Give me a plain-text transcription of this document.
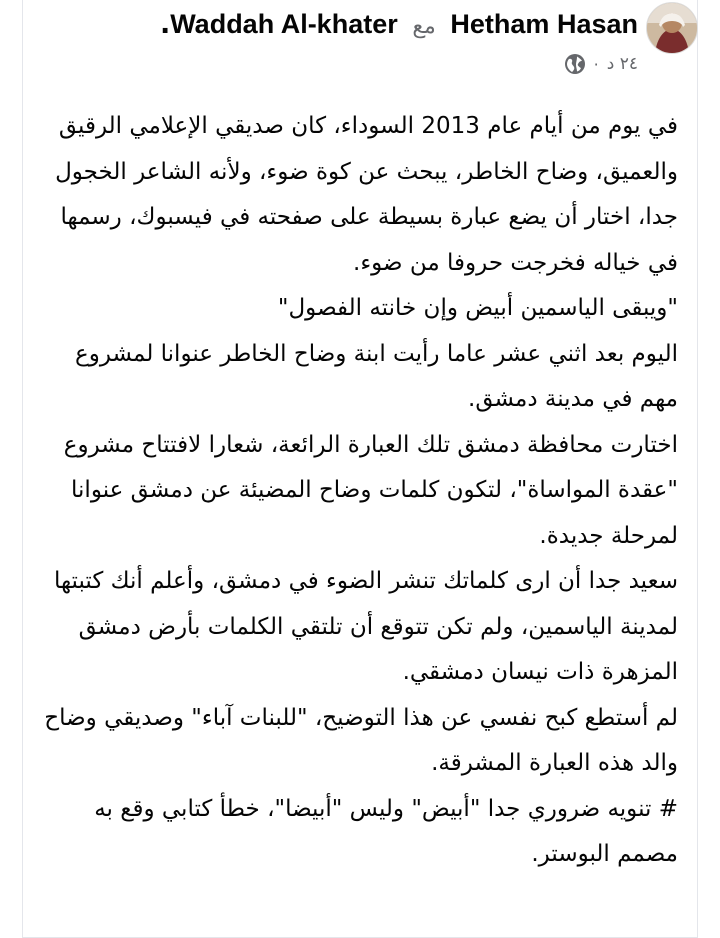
Hetham Hasan مع Waddah Al-khater.
٢٤ د
·
في يوم من أيام عام 2013 السوداء، كان صديقي الإعلامي الرقيق والعميق، وضاح الخاطر، يبحث عن كوة ضوء، ولأنه الشاعر الخجول جدا، اختار أن يضع عبارة بسيطة على صفحته في فيسبوك، رسمها في خياله فخرجت حروفا من ضوء.
"ويبقى الياسمين أبيض وإن خانته الفصول"
اليوم بعد اثني عشر عاما رأيت ابنة وضاح الخاطر عنوانا لمشروع مهم في مدينة دمشق.
اختارت محافظة دمشق تلك العبارة الرائعة، شعارا لافتتاح مشروع "عقدة المواساة"، لتكون كلمات وضاح المضيئة عن دمشق عنوانا لمرحلة جديدة.
سعيد جدا أن ارى كلماتك تنشر الضوء في دمشق، وأعلم أنك كتبتها لمدينة الياسمين، ولم تكن تتوقع أن تلتقي الكلمات بأرض دمشق المزهرة ذات نيسان دمشقي.
لم أستطع كبح نفسي عن هذا التوضيح، "للبنات آباء" وصديقي وضاح والد هذه العبارة المشرقة.
# تنويه ضروري جدا "أبيض" وليس "أبيضا"، خطأ كتابي وقع به مصمم البوستر.
